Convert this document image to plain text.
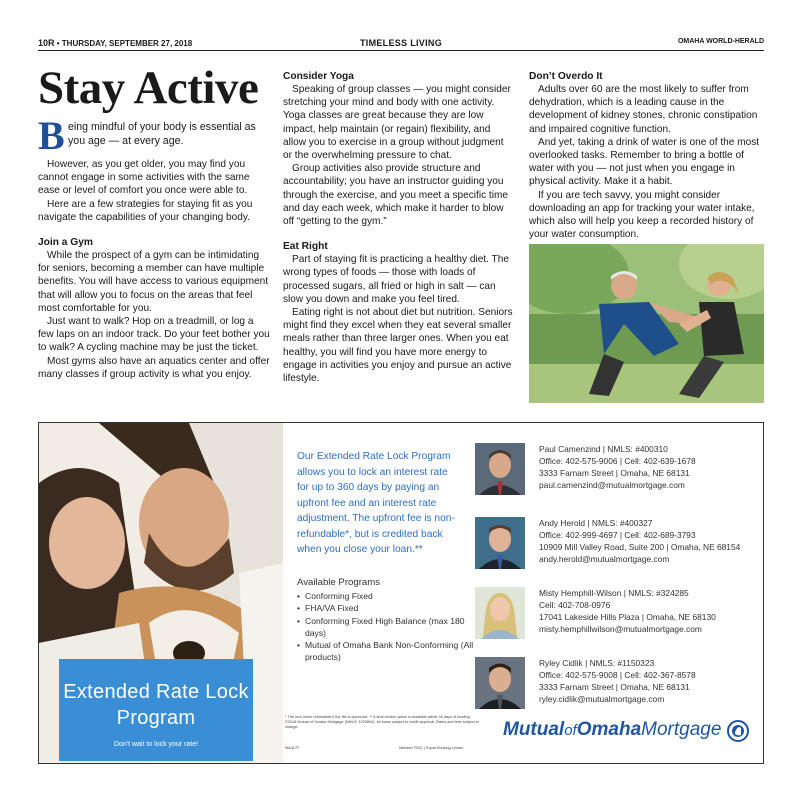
10R • THURSDAY, SEPTEMBER 27, 2018	TIMELESS LIVING	OMAHA WORLD-HERALD
Stay Active
B eing mindful of your body is essential as you age — at every age.

However, as you get older, you may find you cannot engage in some activities with the same ease or level of comfort you once were able to.

Here are a few strategies for staying fit as you navigate the capabilities of your changing body.

Join a Gym

While the prospect of a gym can be intimidating for seniors, becoming a member can have multiple benefits. You will have access to various equipment that will allow you to focus on the areas that feel most comfortable for you.

Just want to walk? Hop on a treadmill, or log a few laps on an indoor track. Do your feet bother you to walk? A cycling machine may be just the ticket.

Most gyms also have an aquatics center and offer many classes if group activity is what you enjoy.

Consider Yoga

Speaking of group classes — you might consider stretching your mind and body with one activity. Yoga classes are great because they are low impact, help maintain (or regain) flexibility, and allow you to exercise in a group without judgment or the overwhelming pressure to chat.

Group activities also provide structure and accountability; you have an instructor guiding you through the exercise, and you meet a specific time and day each week, which make it harder to blow off “getting to the gym.”

Eat Right

Part of staying fit is practicing a healthy diet. The wrong types of foods — those with loads of processed sugars, all fried or high in salt — can slow you down and make you feel tired.

Eating right is not about diet but nutrition. Seniors might find they excel when they eat several smaller meals rather than three larger ones. When you eat healthy, you will find you have more energy to engage in activities you enjoy and pursue an active lifestyle.

Don’t Overdo It

Adults over 60 are the most likely to suffer from dehydration, which is a leading cause in the development of kidney stones, chronic constipation and impaired cognitive function.

And yet, taking a drink of water is one of the most overlooked tasks. Remember to bring a bottle of water with you — not just when you engage in physical activity. Make it a habit.

If you are tech savvy, you might consider downloading an app for tracking your water intake, which also will help you keep a recorded history of your water consumption.

Extended Rate Lock Program
Don't wait to lock your rate!
Our Extended Rate Lock Program allows you to lock an interest rate for up to 360 days by paying an upfront fee and an interest rate adjustment. The upfront fee is non-refundable*, but is credited back when you close your loan.**
Available Programs
• Conforming Fixed
• FHA/VA Fixed
• Conforming Fixed High Balance (max 180 days)
• Mutual of Omaha Bank Non-Conforming (All products)
* The lock never refundable if the file is approved. ** A final review option is available within 30 days of funding. ©2018 Mutual of Omaha Mortgage (NMLS: 1025894). All loans subject to credit approval. Rates and fees subject to change.
MA417F	Member FDIC | Equal Housing Lender
Paul Camenzind | NMLS: #400310
Office: 402-575-9006 | Cell: 402-639-1678
3333 Farnam Street | Omaha, NE 68131
paul.camenzind@mutualmortgage.com
Andy Herold | NMLS: #400327
Office: 402-999-4697 | Cell: 402-689-3793
10909 Mill Valley Road, Suite 200 | Omaha, NE 68154
andy.herold@mutualmortgage.com
Misty Hemphill-Wilson | NMLS: #324285
Cell: 402-708-0976
17041 Lakeside Hills Plaza | Omaha, NE 68130
misty.hemphillwilson@mutualmortgage.com
Ryley Cidlik | NMLS: #1150323
Office: 402-575-9008 | Cell: 402-367-8578
3333 Farnam Street | Omaha, NE 68131
ryley.cidlik@mutualmortgage.com
MutualofOmahaMortgage
